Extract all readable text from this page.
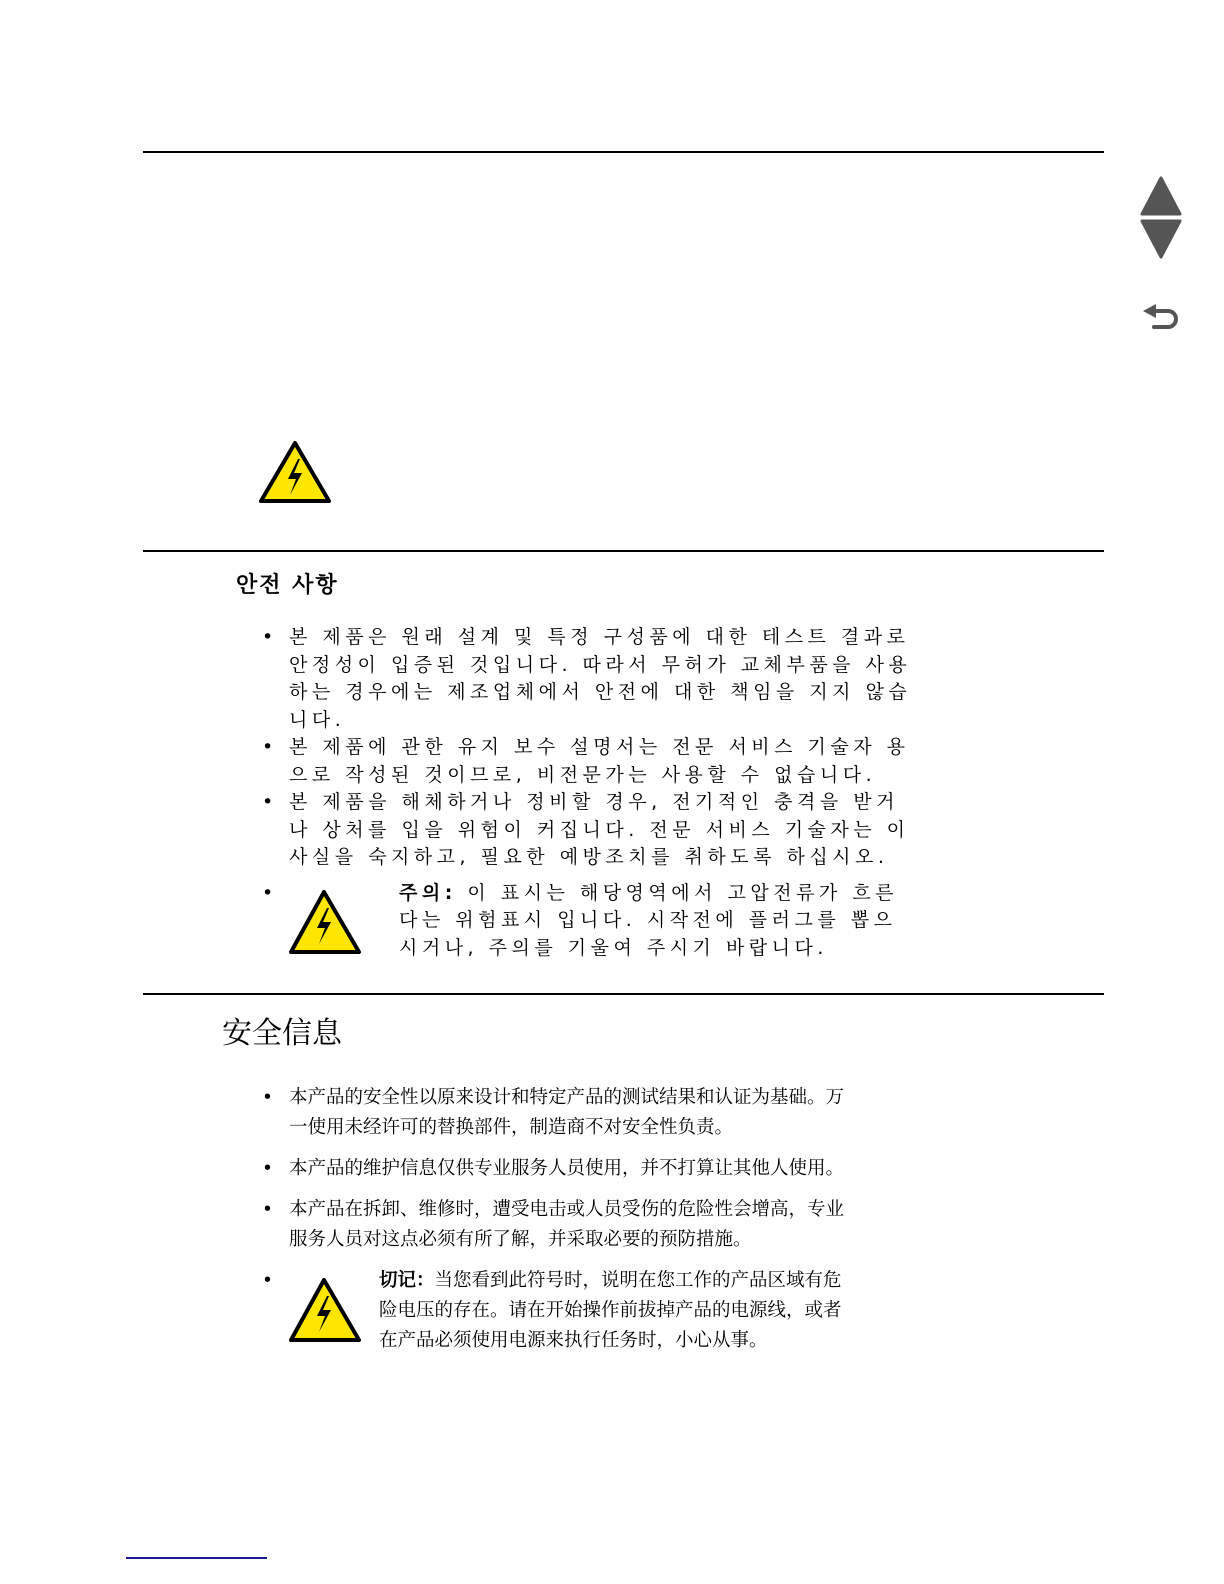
안전 사항
• 본 제품은 원래 설계 및 특정 구성품에 대한 테스트 결과로 안정성이 입증된 것입니다. 따라서 무허가 교체부품을 사용하는 경우에는 제조업체에서 안전에 대한 책임을 지지 않습니다.
• 본 제품에 관한 유지 보수 설명서는 전문 서비스 기술자 용으로 작성된 것이므로, 비전문가는 사용할 수 없습니다.
• 본 제품을 해체하거나 정비할 경우, 전기적인 충격을 받거나 상처를 입을 위험이 커집니다. 전문 서비스 기술자는 이 사실을 숙지하고, 필요한 예방조치를 취하도록 하십시오.
•	주의: 이 표시는 해당영역에서 고압전류가 흐른다는 위험표시 입니다. 시작전에 플러그를 뽑으시거나, 주의를 기울여 주시기 바랍니다.
安全信息
• 本产品的安全性以原来设计和特定产品的测试结果和认证为基础。万一使用未经许可的替换部件，制造商不对安全性负责。
• 本产品的维护信息仅供专业服务人员使用，并不打算让其他人使用。
• 本产品在拆卸、维修时，遭受电击或人员受伤的危险性会增高，专业服务人员对这点必须有所了解，并采取必要的预防措施。
•	切记：当您看到此符号时，说明在您工作的产品区域有危险电压的存在。请在开始操作前拔掉产品的电源线，或者在产品必须使用电源来执行任务时，小心从事。
